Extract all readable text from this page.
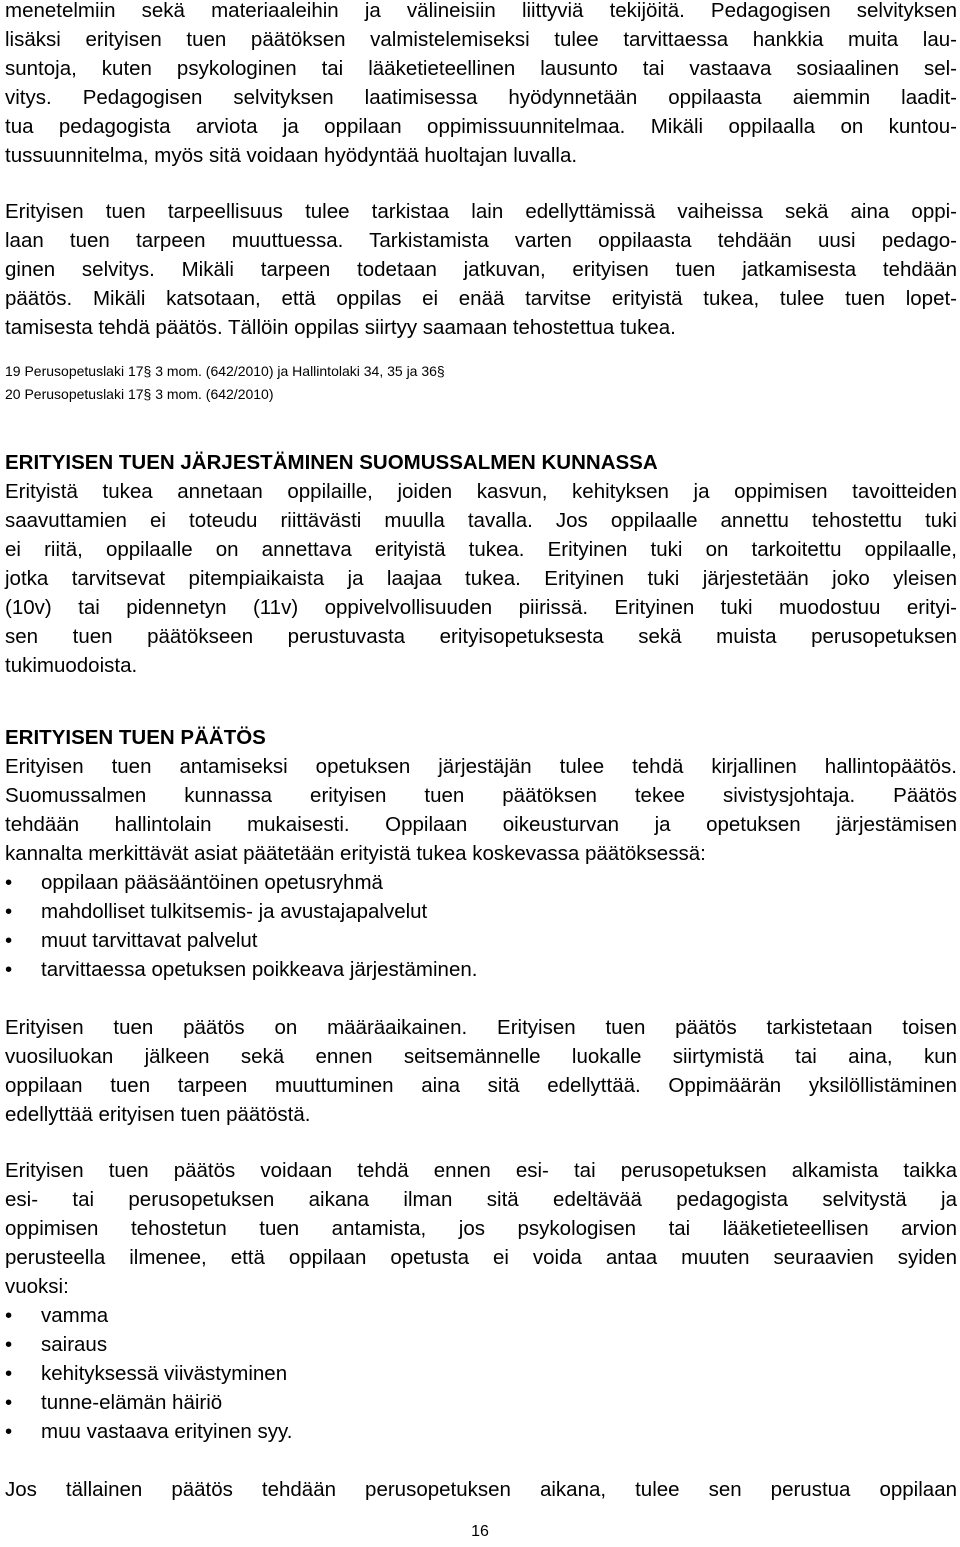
menetelmiin sekä materiaaleihin ja välineisiin liittyviä tekijöitä. Pedagogisen selvityksen
lisäksi erityisen tuen päätöksen valmistelemiseksi tulee tarvittaessa hankkia muita lau-
suntoja, kuten psykologinen tai lääketieteellinen lausunto tai vastaava sosiaalinen sel-
vitys. Pedagogisen selvityksen laatimisessa hyödynnetään oppilaasta aiemmin laadit-
tua pedagogista arviota ja oppilaan oppimissuunnitelmaa. Mikäli oppilaalla on kuntou-
tussuunnitelma, myös sitä voidaan hyödyntää huoltajan luvalla.
Erityisen tuen tarpeellisuus tulee tarkistaa lain edellyttämissä vaiheissa sekä aina oppi-
laan tuen tarpeen muuttuessa. Tarkistamista varten oppilaasta tehdään uusi pedago-
ginen selvitys. Mikäli tarpeen todetaan jatkuvan, erityisen tuen jatkamisesta tehdään
päätös. Mikäli katsotaan, että oppilas ei enää tarvitse erityistä tukea, tulee tuen lopet-
tamisesta tehdä päätös. Tällöin oppilas siirtyy saamaan tehostettua tukea.
19 Perusopetuslaki 17§ 3 mom. (642/2010) ja Hallintolaki 34, 35 ja 36§
20 Perusopetuslaki 17§ 3 mom. (642/2010)
ERITYISEN TUEN JÄRJESTÄMINEN SUOMUSSALMEN KUNNASSA
Erityistä tukea annetaan oppilaille, joiden kasvun, kehityksen ja oppimisen tavoitteiden
saavuttamien ei toteudu riittävästi muulla tavalla. Jos oppilaalle annettu tehostettu tuki
ei riitä, oppilaalle on annettava erityistä tukea. Erityinen tuki on tarkoitettu oppilaalle,
jotka tarvitsevat pitempiaikaista ja laajaa tukea. Erityinen tuki järjestetään joko yleisen
(10v) tai pidennetyn (11v) oppivelvollisuuden piirissä. Erityinen tuki muodostuu erityi-
sen tuen päätökseen perustuvasta erityisopetuksesta sekä muista perusopetuksen
tukimuodoista.
ERITYISEN TUEN PÄÄTÖS
Erityisen tuen antamiseksi opetuksen järjestäjän tulee tehdä kirjallinen hallintopäätös.
Suomussalmen kunnassa erityisen tuen päätöksen tekee sivistysjohtaja. Päätös
tehdään hallintolain mukaisesti. Oppilaan oikeusturvan ja opetuksen järjestämisen
kannalta merkittävät asiat päätetään erityistä tukea koskevassa päätöksessä:
• oppilaan pääsääntöinen opetusryhmä
• mahdolliset tulkitsemis- ja avustajapalvelut
• muut tarvittavat palvelut
• tarvittaessa opetuksen poikkeava järjestäminen.
Erityisen tuen päätös on määräaikainen. Erityisen tuen päätös tarkistetaan toisen
vuosiluokan jälkeen sekä ennen seitsemännelle luokalle siirtymistä tai aina, kun
oppilaan tuen tarpeen muuttuminen aina sitä edellyttää. Oppimäärän yksilöllistäminen
edellyttää erityisen tuen päätöstä.
Erityisen tuen päätös voidaan tehdä ennen esi- tai perusopetuksen alkamista taikka
esi- tai perusopetuksen aikana ilman sitä edeltävää pedagogista selvitystä ja
oppimisen tehostetun tuen antamista, jos psykologisen tai lääketieteellisen arvion
perusteella ilmenee, että oppilaan opetusta ei voida antaa muuten seuraavien syiden
vuoksi:
• vamma
• sairaus
• kehityksessä viivästyminen
• tunne-elämän häiriö
• muu vastaava erityinen syy.
Jos tällainen päätös tehdään perusopetuksen aikana, tulee sen perustua oppilaan
16
